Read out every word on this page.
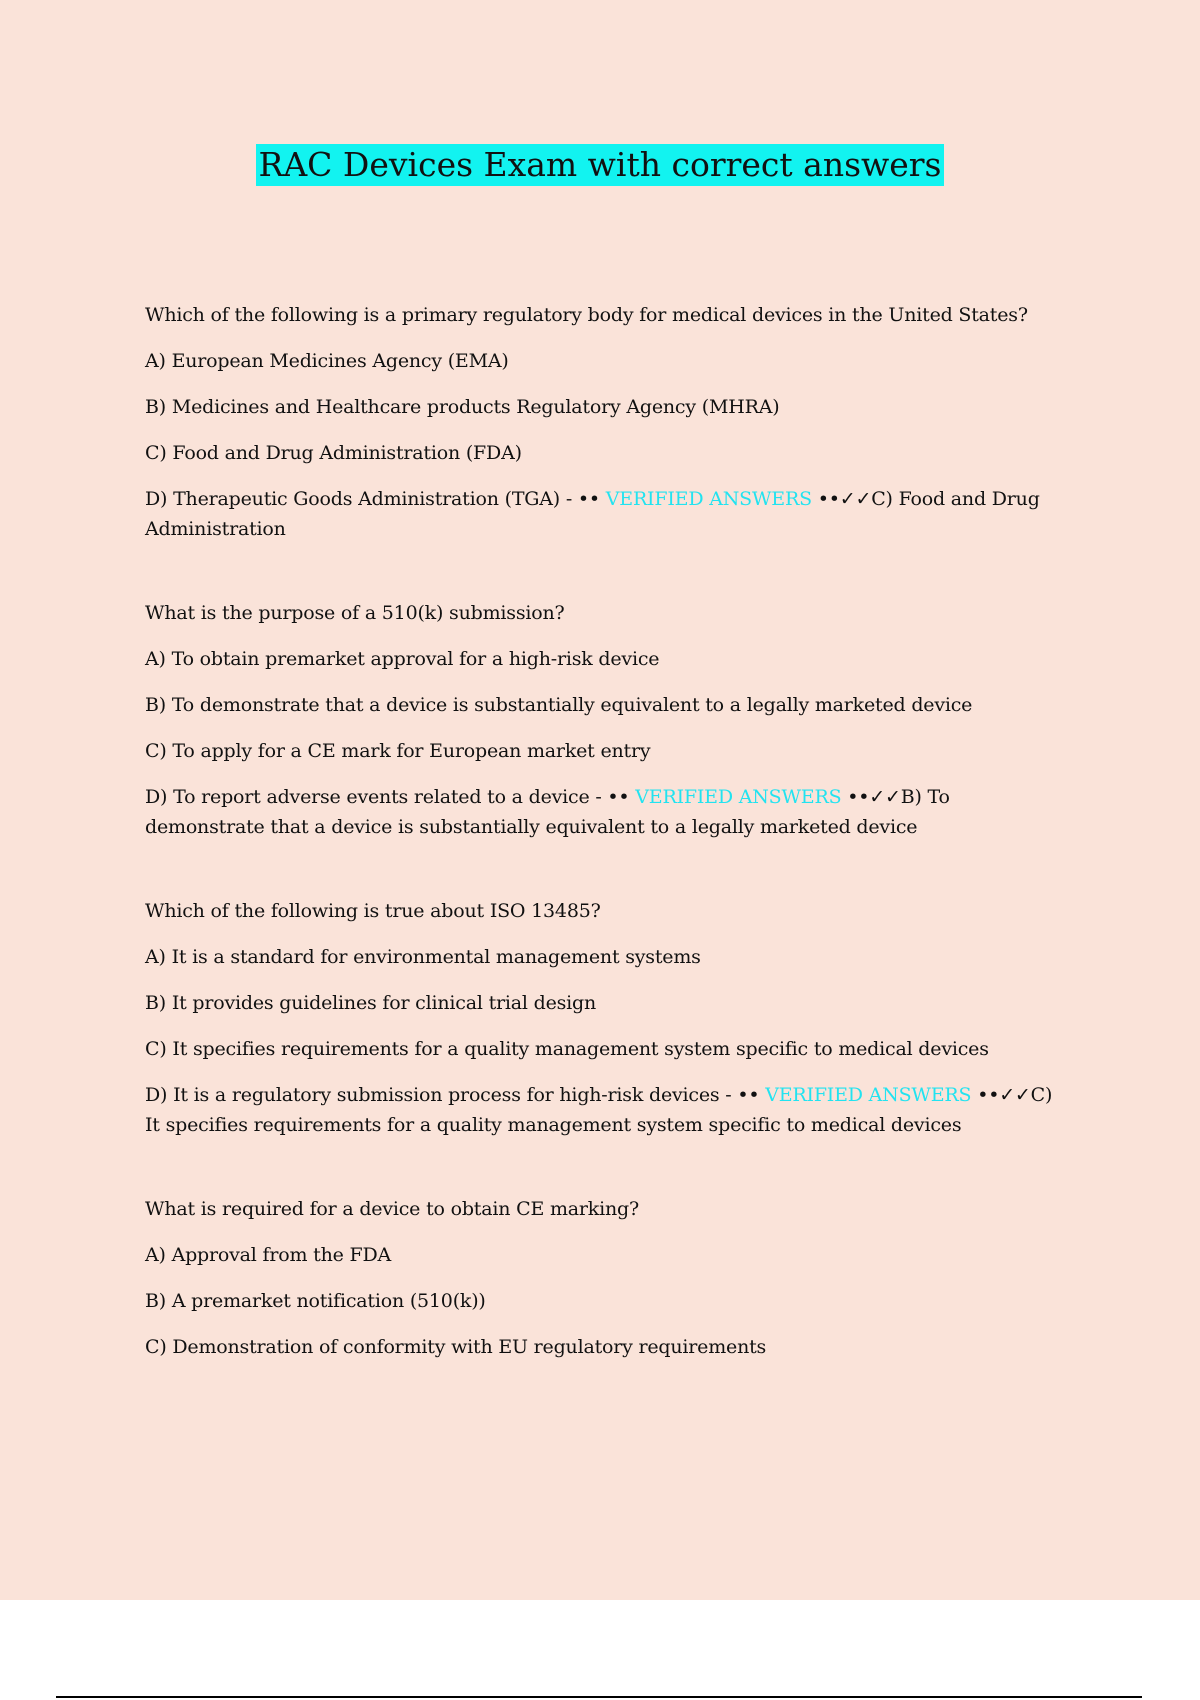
RAC Devices Exam with correct answers

Which of the following is a primary regulatory body for medical devices in the United States?

A) European Medicines Agency (EMA)

B) Medicines and Healthcare products Regulatory Agency (MHRA)

C) Food and Drug Administration (FDA)

D) Therapeutic Goods Administration (TGA) - •• VERIFIED ANSWERS ••✓✓C) Food and Drug Administration

What is the purpose of a 510(k) submission?

A) To obtain premarket approval for a high-risk device

B) To demonstrate that a device is substantially equivalent to a legally marketed device

C) To apply for a CE mark for European market entry

D) To report adverse events related to a device - •• VERIFIED ANSWERS ••✓✓B) To demonstrate that a device is substantially equivalent to a legally marketed device

Which of the following is true about ISO 13485?

A) It is a standard for environmental management systems

B) It provides guidelines for clinical trial design

C) It specifies requirements for a quality management system specific to medical devices

D) It is a regulatory submission process for high-risk devices - •• VERIFIED ANSWERS ••✓✓C) It specifies requirements for a quality management system specific to medical devices

What is required for a device to obtain CE marking?

A) Approval from the FDA

B) A premarket notification (510(k))

C) Demonstration of conformity with EU regulatory requirements
